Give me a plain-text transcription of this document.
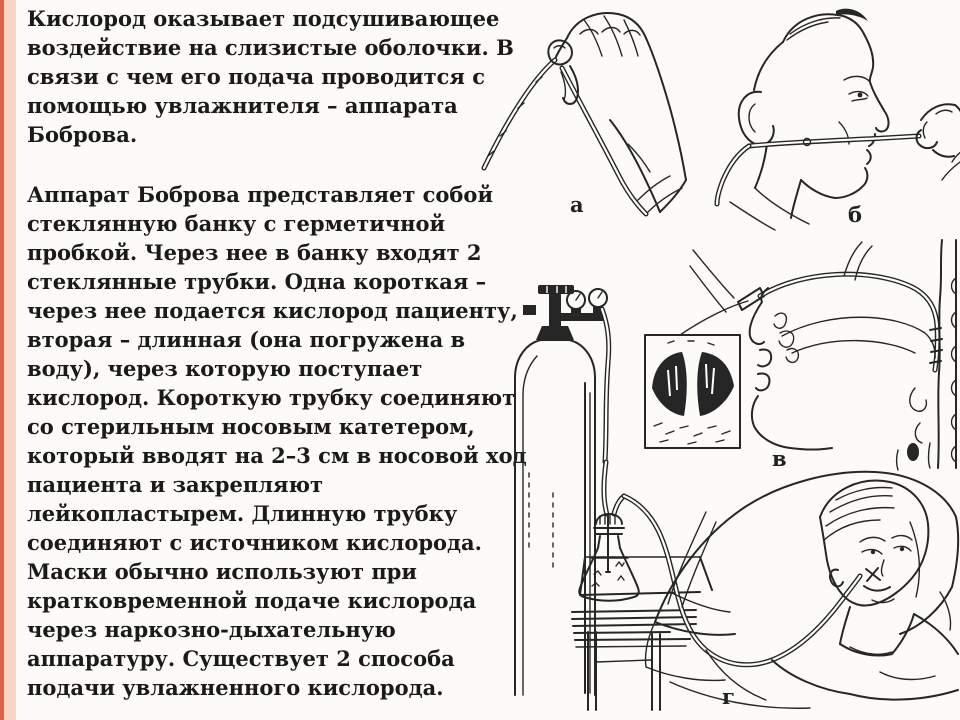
Кислород оказывает подсушивающее
воздействие на слизистые оболочки. В
связи с чем его подача проводится с
помощью увлажнителя – аппарата
Боброва.
Аппарат Боброва представляет собой
стеклянную банку с герметичной
пробкой. Через нее в банку входят 2
стеклянные трубки. Одна короткая –
через нее подается кислород пациенту,
вторая – длинная (она погружена в
воду), через которую поступает
кислород. Короткую трубку соединяют
со стерильным носовым катетером,
который вводят на 2–3 см в носовой ход
пациента и закрепляют
лейкопластырем. Длинную трубку
соединяют с источником кислорода.
Маски обычно используют при
кратковременной подаче кислорода
через наркозно-дыхательную
аппаратуру. Существует 2 способа
подачи увлажненного кислорода.
а	б
в
г
